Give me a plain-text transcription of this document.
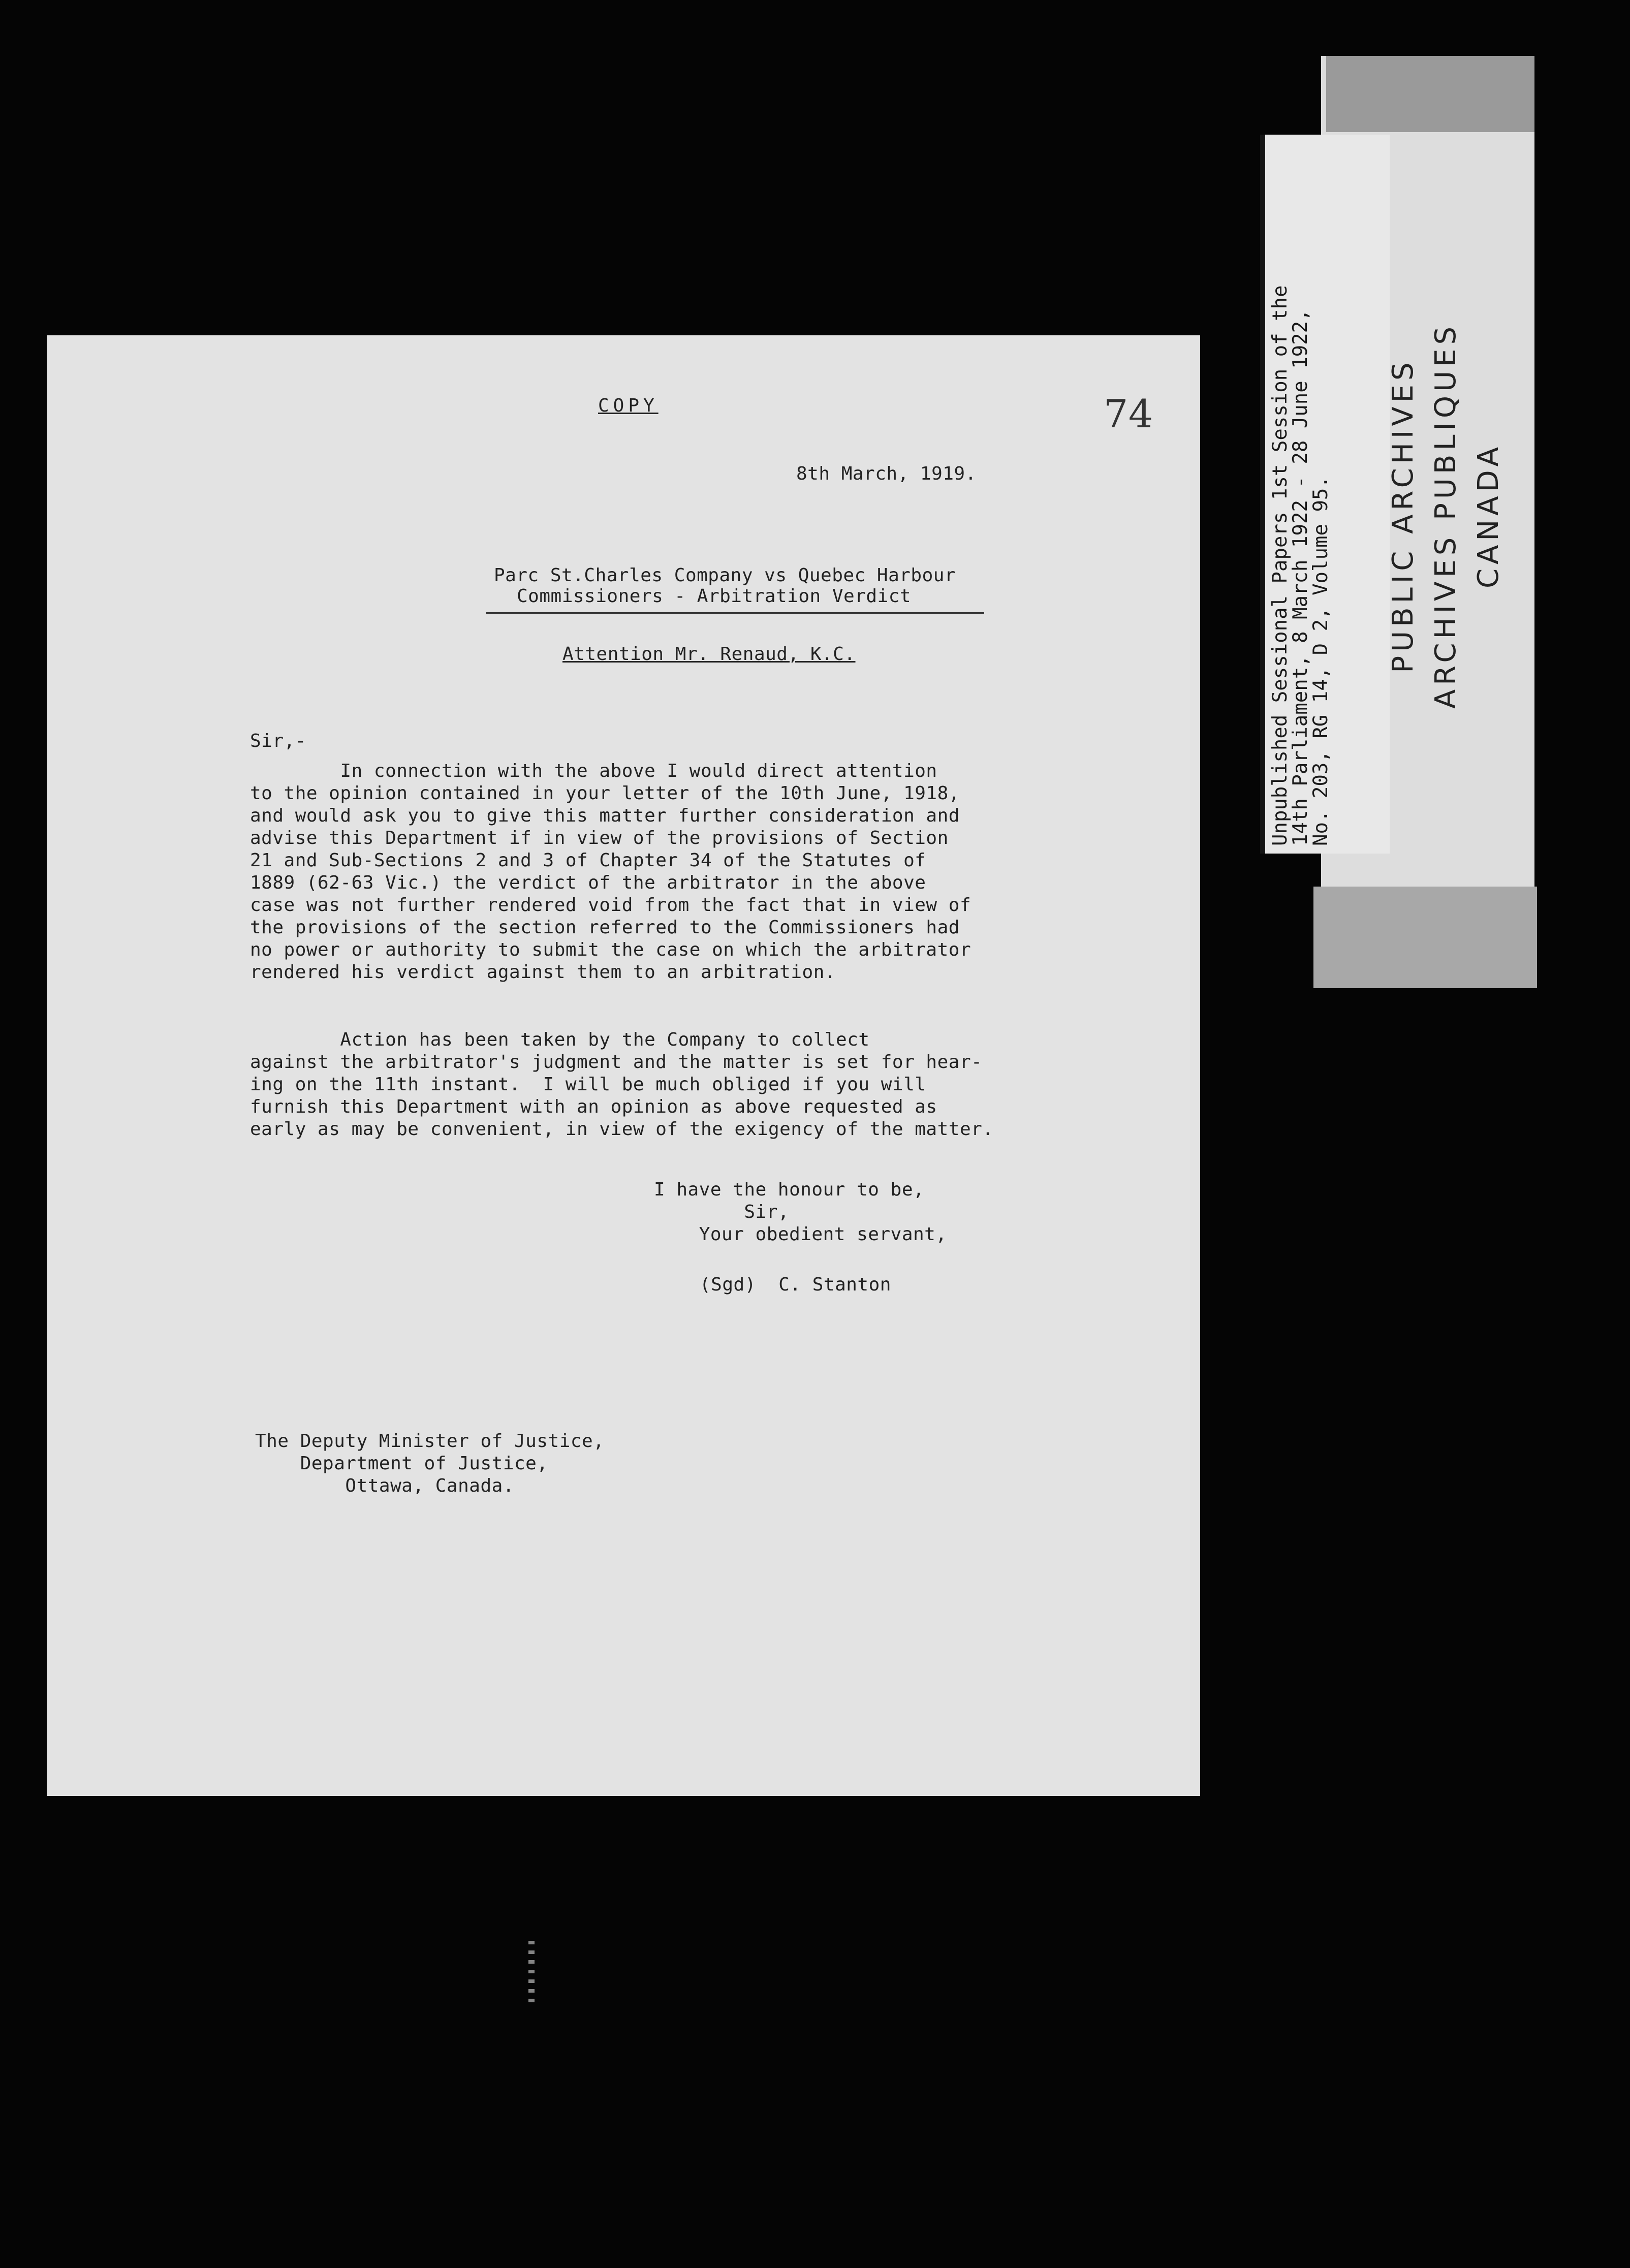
COPY	74
8th March, 1919.
Parc St.Charles Company vs Quebec Harbour
Commissioners - Arbitration Verdict
Attention Mr. Renaud, K.C.
Sir,-
In connection with the above I would direct attention
to the opinion contained in your letter of the 10th June, 1918,
and would ask you to give this matter further consideration and
advise this Department if in view of the provisions of Section
21 and Sub-Sections 2 and 3 of Chapter 34 of the Statutes of
1889 (62-63 Vic.) the verdict of the arbitrator in the above
case was not further rendered void from the fact that in view of
the provisions of the section referred to the Commissioners had
no power or authority to submit the case on which the arbitrator
rendered his verdict against them to an arbitration.
Action has been taken by the Company to collect
against the arbitrator's judgment and the matter is set for hear-
ing on the 11th instant.  I will be much obliged if you will
furnish this Department with an opinion as above requested as
early as may be convenient, in view of the exigency of the matter.
I have the honour to be,
Sir,
Your obedient servant,
(Sgd)  C. Stanton
The Deputy Minister of Justice,
Department of Justice,
Ottawa, Canada.
Unpublished Sessional Papers 1st Session of the
14th Parliament, 8 March 1922 - 28 June 1922,
No. 203, RG 14, D 2, Volume 95.
PUBLIC ARCHIVES
ARCHIVES PUBLIQUES
CANADA
